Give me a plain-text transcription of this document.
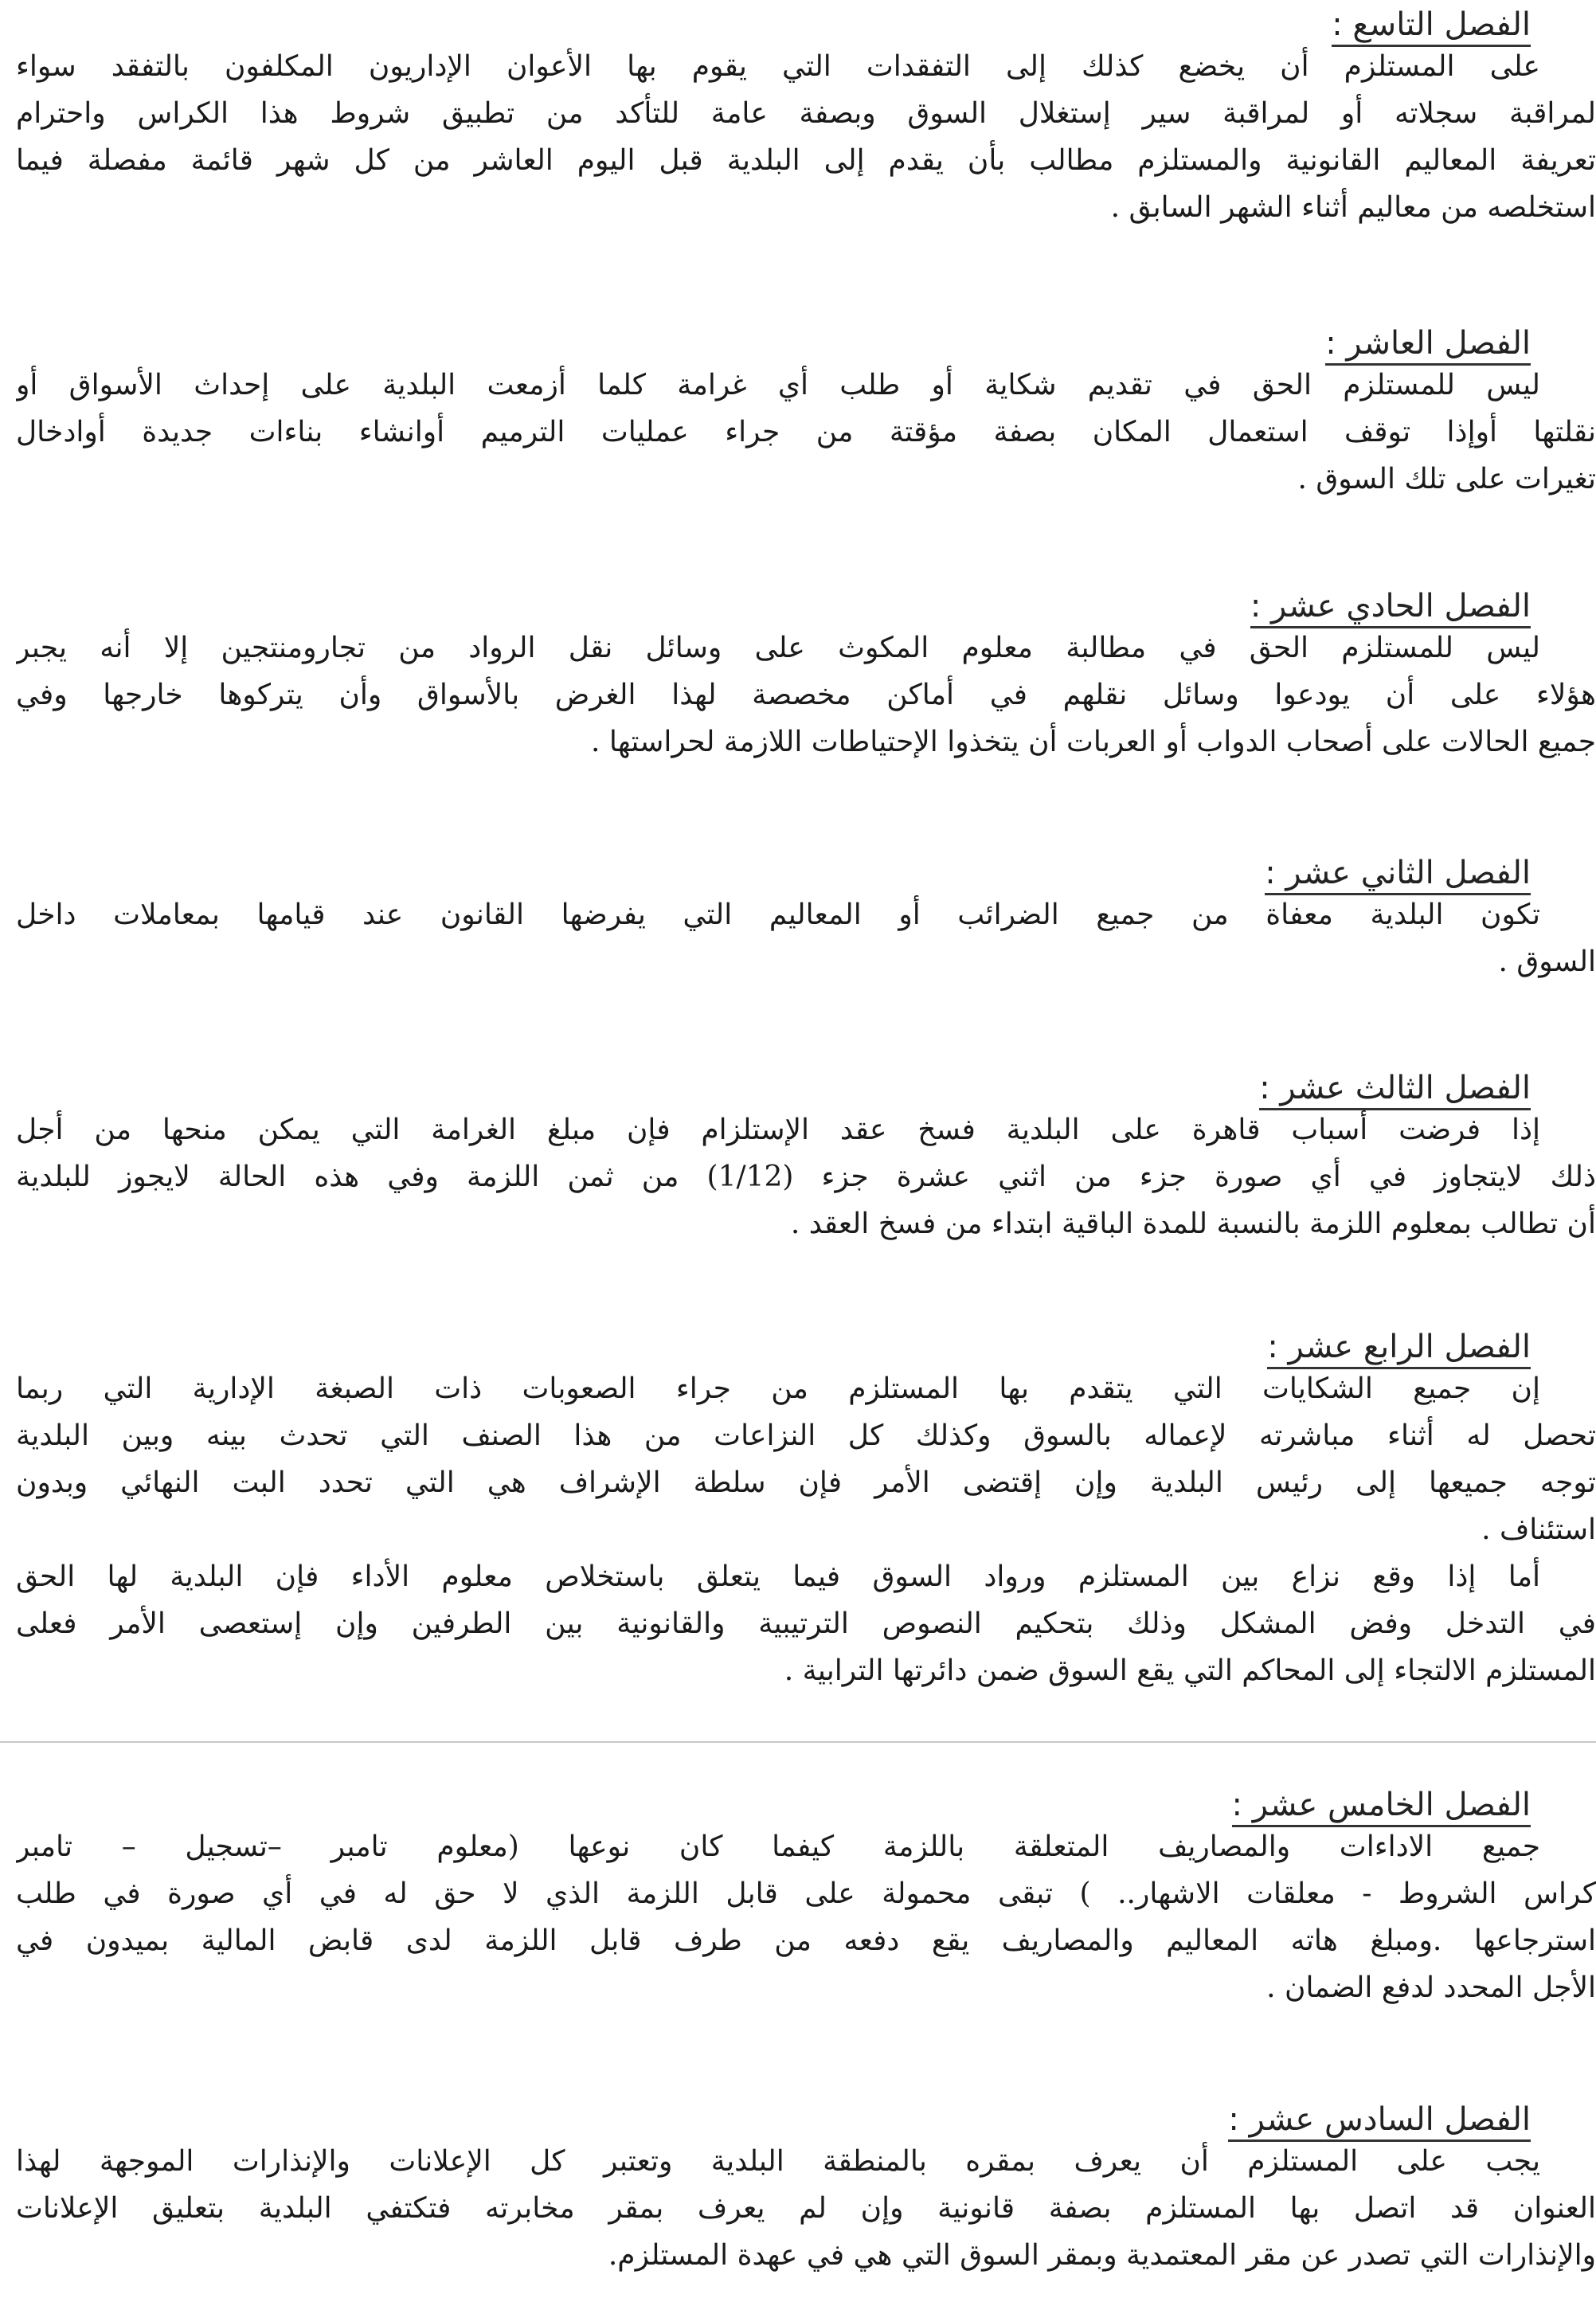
الفصل التاسع :
على المستلزم أن يخضع كذلك إلى التفقدات التي يقوم بها الأعوان الإداريون المكلفون بالتفقد سواء
لمراقبة سجلاته أو لمراقبة سير إستغلال السوق وبصفة عامة للتأكد من تطبيق شروط هذا الكراس واحترام
تعريفة المعاليم القانونية والمستلزم مطالب بأن يقدم إلى البلدية قبل اليوم العاشر من كل شهر قائمة مفصلة فيما
استخلصه من معاليم أثناء الشهر السابق .
الفصل العاشر :
ليس للمستلزم الحق في تقديم شكاية أو طلب أي غرامة كلما أزمعت البلدية على إحداث الأسواق أو
نقلتها أوإذا توقف استعمال المكان بصفة مؤقتة من جراء عمليات الترميم أوانشاء بناءات جديدة أوادخال
تغيرات على تلك السوق .
الفصل الحادي عشر :
ليس للمستلزم الحق في مطالبة معلوم المكوث على وسائل نقل الرواد من تجارومنتجين إلا أنه يجبر
هؤلاء على أن يودعوا وسائل نقلهم في أماكن مخصصة لهذا الغرض بالأسواق وأن يتركوها خارجها وفي
جميع الحالات على أصحاب الدواب أو العربات أن يتخذوا الإحتياطات اللازمة لحراستها .
الفصل الثاني عشر :
تكون البلدية معفاة من جميع الضرائب أو المعاليم التي يفرضها القانون عند قيامها بمعاملات داخل
السوق .
الفصل الثالث عشر :
إذا فرضت أسباب قاهرة على البلدية فسخ عقد الإستلزام فإن مبلغ الغرامة التي يمكن منحها من أجل
ذلك لايتجاوز في أي صورة جزء من اثني عشرة جزء (1/12) من ثمن اللزمة وفي هذه الحالة لايجوز للبلدية
أن تطالب بمعلوم اللزمة بالنسبة للمدة الباقية ابتداء من فسخ العقد .
الفصل الرابع عشر :
إن جميع الشكايات التي يتقدم بها المستلزم من جراء الصعوبات ذات الصبغة الإدارية التي ربما
تحصل له أثناء مباشرته لإعماله بالسوق وكذلك كل النزاعات من هذا الصنف التي تحدث بينه وبين البلدية
توجه جميعها إلى رئيس البلدية وإن إقتضى الأمر فإن سلطة الإشراف هي التي تحدد البت النهائي وبدون
استئناف .
أما إذا وقع نزاع بين المستلزم ورواد السوق فيما يتعلق باستخلاص معلوم الأداء فإن البلدية لها الحق
في التدخل وفض المشكل وذلك بتحكيم النصوص الترتيبية والقانونية بين الطرفين وإن إستعصى الأمر فعلى
المستلزم الالتجاء إلى المحاكم التي يقع السوق ضمن دائرتها الترابية .
الفصل الخامس عشر :
جميع الاداءات والمصاريف المتعلقة باللزمة كيفما كان نوعها (معلوم تامبر –تسجيل – تامبر
كراس الشروط - معلقات الاشهار.. ) تبقى محمولة على قابل اللزمة الذي لا حق له في أي صورة في طلب
استرجاعها .ومبلغ هاته المعاليم والمصاريف يقع دفعه من طرف قابل اللزمة لدى قابض المالية بميدون في
الأجل المحدد لدفع الضمان .
الفصل السادس عشر :
يجب على المستلزم أن يعرف بمقره بالمنطقة البلدية وتعتبر كل الإعلانات والإنذارات الموجهة لهذا
العنوان قد اتصل بها المستلزم بصفة قانونية وإن لم يعرف بمقر مخابرته فتكتفي البلدية بتعليق الإعلانات
والإنذارات التي تصدر عن مقر المعتمدية وبمقر السوق التي هي في عهدة المستلزم.
